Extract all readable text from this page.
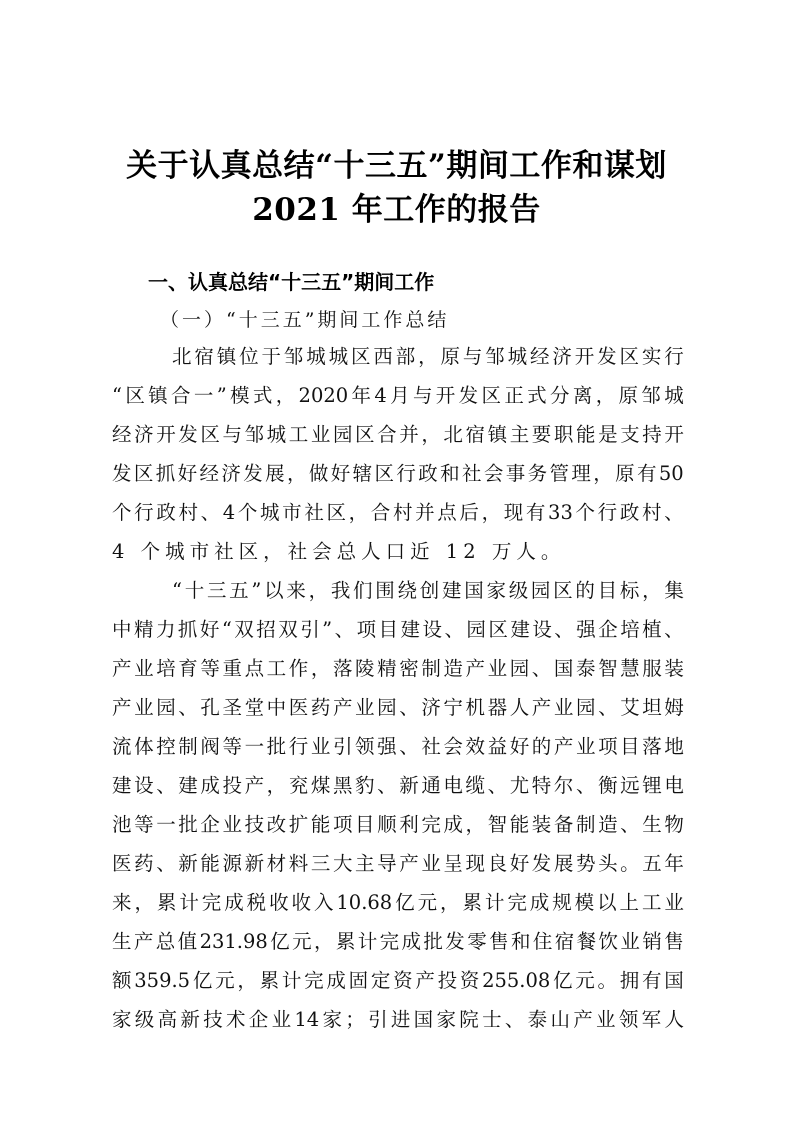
关于认真总结“十三五”期间工作和谋划
2021 年工作的报告
一、认真总结“十三五”期间工作
（一）“十三五”期间工作总结
北 宿 镇 位 于 邹 城 城 区 西 部 ， 原 与 邹 城 经 济 开 发 区 实 行
“ 区 镇 合 一 ” 模 式 ， 2020 年 4 月 与 开 发 区 正 式 分 离 ， 原 邹 城
经 济 开 发 区 与 邹 城 工 业 园 区 合 并 ， 北 宿 镇 主 要 职 能 是 支 持 开
发 区 抓 好 经 济 发 展 ， 做 好 辖 区 行 政 和 社 会 事 务 管 理 ， 原 有 50
个 行 政 村 、 4 个 城 市 社 区 ， 合 村 并 点 后 ， 现 有 33 个 行 政 村 、
4 个城市社区，社会总人口近 12 万人。
“ 十 三 五 ” 以 来 ， 我 们 围 绕 创 建 国 家 级 园 区 的 目 标 ， 集
中 精 力 抓 好 “ 双 招 双 引 ” 、 项 目 建 设 、 园 区 建 设 、 强 企 培 植 、
产 业 培 育 等 重 点 工 作 ， 落 陵 精 密 制 造 产 业 园 、 国 泰 智 慧 服 装
产 业 园 、 孔 圣 堂 中 医 药 产 业 园 、 济 宁 机 器 人 产 业 园 、 艾 坦 姆
流 体 控 制 阀 等 一 批 行 业 引 领 强 、 社 会 效 益 好 的 产 业 项 目 落 地
建 设 、 建 成 投 产 ， 兖 煤 黑 豹 、 新 通 电 缆 、 尤 特 尔 、 衡 远 锂 电
池 等 一 批 企 业 技 改 扩 能 项 目 顺 利 完 成 ， 智 能 装 备 制 造 、 生 物
医 药 、 新 能 源 新 材 料 三 大 主 导 产 业 呈 现 良 好 发 展 势 头 。 五 年
来 ， 累 计 完 成 税 收 收 入 10.68 亿 元 ， 累 计 完 成 规 模 以 上 工 业
生 产 总 值 231.98 亿 元 ， 累 计 完 成 批 发 零 售 和 住 宿 餐 饮 业 销 售
额 359.5 亿 元 ， 累 计 完 成 固 定 资 产 投 资 255.08 亿 元 。 拥 有 国
家 级 高 新 技 术 企 业 14 家 ； 引 进 国 家 院 士 、 泰 山 产 业 领 军 人
